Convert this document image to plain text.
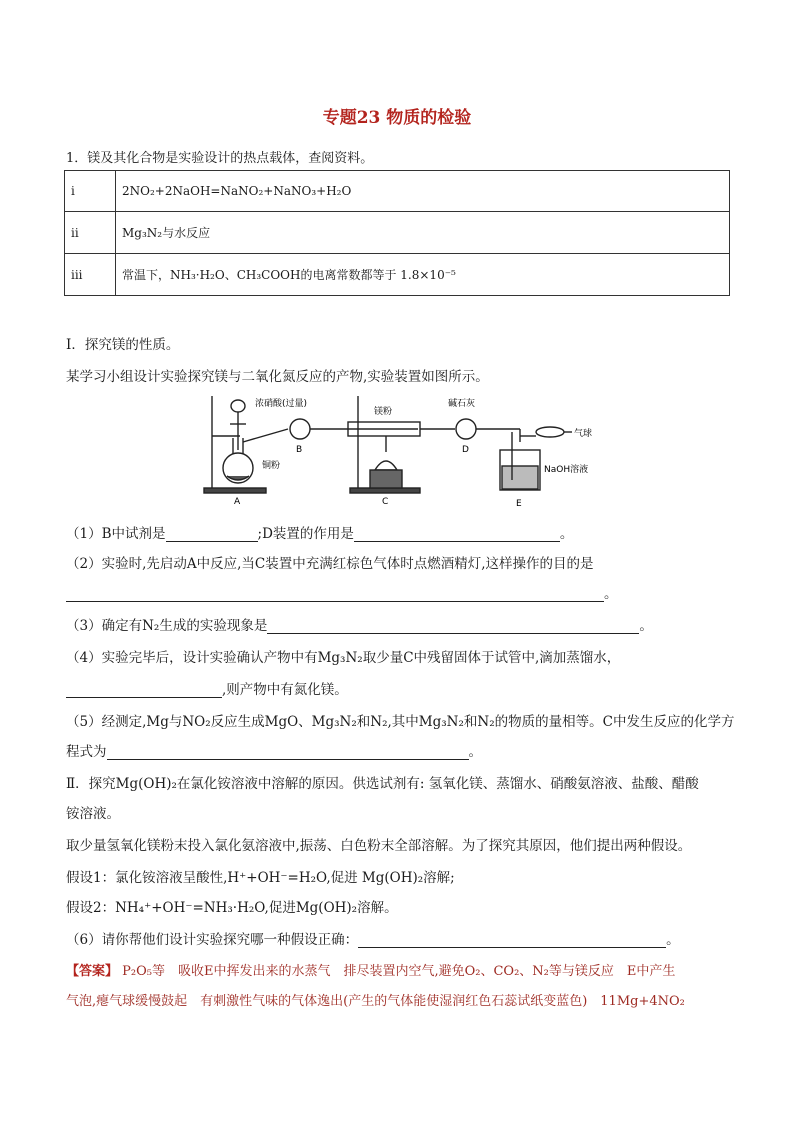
专题23 物质的检验
1．镁及其化合物是实验设计的热点载体，查阅资料。
i	2NO₂+2NaOH=NaNO₂+NaNO₃+H₂O
ii	Mg₃N₂与水反应
iii	常温下，NH₃·H₂O、CH₃COOH的电离常数都等于 1.8×10⁻⁵
Ⅰ．探究镁的性质。
某学习小组设计实验探究镁与二氧化氮反应的产物,实验装置如图所示。
浓硝酸(过量)
铜粉
镁粉
碱石灰
气球
NaOH溶液
A
B
C
D
E
（1）B中试剂是	;D装置的作用是	。
（2）实验时,先启动A中反应,当C装置中充满红棕色气体时点燃酒精灯,这样操作的目的是
。
（3）确定有N₂生成的实验现象是	。
（4）实验完毕后，设计实验确认产物中有Mg₃N₂取少量C中残留固体于试管中,滴加蒸馏水，
,则产物中有氮化镁。
（5）经测定,Mg与NO₂反应生成MgO、Mg₃N₂和N₂,其中Mg₃N₂和N₂的物质的量相等。C中发生反应的化学方
程式为	。
Ⅱ．探究Mg(OH)₂在氯化铵溶液中溶解的原因。供选试剂有: 氢氧化镁、蒸馏水、硝酸氨溶液、盐酸、醋酸
铵溶液。
取少量氢氧化镁粉末投入氯化氨溶液中,振荡、白色粉末全部溶解。为了探究其原因，他们提出两种假设。
假设1：氯化铵溶液呈酸性,H⁺+OH⁻=H₂O,促进 Mg(OH)₂溶解;
假设2：NH₄⁺+OH⁻=NH₃·H₂O,促进Mg(OH)₂溶解。
（6）请你帮他们设计实验探究哪一种假设正确：	。
【答案】 P₂O₅等　吸收E中挥发出来的水蒸气　排尽装置内空气,避免O₂、CO₂、N₂等与镁反应　E中产生
气泡,瘪气球缓慢鼓起　有刺激性气味的气体逸出(产生的气体能使湿润红色石蕊试纸变蓝色)　11Mg+4NO₂
